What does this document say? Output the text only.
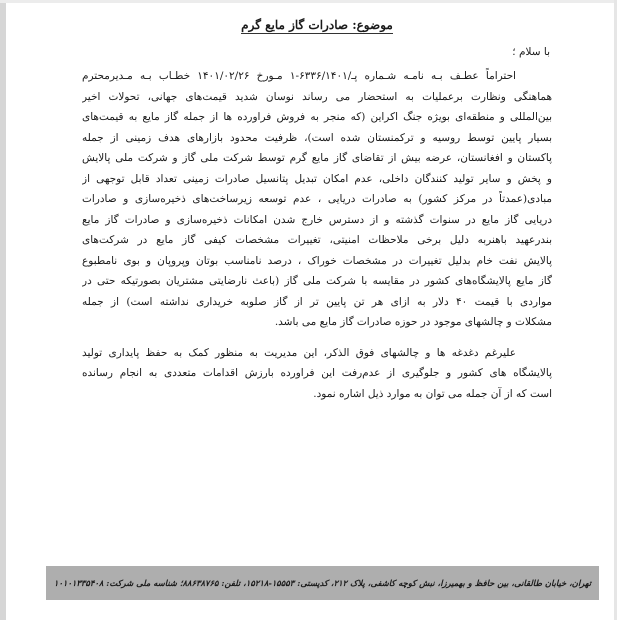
موضوع: صادرات گاز مایع گرم
با سلام ؛

احتراماً عطـف بـه نامـه شـماره پـ/۶۳۳۶/۱۴۰۱-۱ مـورخ ۱۴۰۱/۰۲/۲۶ خطـاب بـه مـدیرمحترم

هماهنگی ونظارت برعملیات به استحضار می رساند نوسان شدید قیمت‌های جهانی، تحولات اخیر

بین‌المللی و منطقه‌ای بویژه جنگ اکراین (که منجر به فروش فراورده ها از جمله گاز مایع به قیمت‌های

بسیار پایین توسط روسیه و ترکمنستان شده است)، ظرفیت محدود بازارهای هدف زمینی از جمله

پاکستان و افغانستان، عرضه بیش از تقاضای گاز مایع گرم توسط شرکت ملی گاز و شرکت ملی پالایش

و پخش و سایر تولید کنندگان داخلی، عدم امکان تبدیل پتانسیل صادرات زمینی تعداد قابل توجهی از

مبادی(عمدتاً در مرکز کشور) به صادرات دریایی ، عدم توسعه زیرساخت‌های ذخیره‌سازی و صادرات

دریایی گاز مایع در سنوات گذشته و از دسترس خارج شدن امکانات ذخیره‌سازی و صادرات گاز مایع

بندرعهید باهنربه دلیل برخی ملاحظات امنیتی، تغییرات مشخصات کیفی گاز مایع در شرکت‌های

پالایش نفت خام بدلیل تغییرات در مشخصات خوراک ، درصد نامناسب بوتان وپروپان و بوی نامطبوع

گاز مایع پالایشگاه‌های کشور در مقایسه با شرکت ملی گاز (باعث نارضایتی مشتریان بصورتیکه حتی در

مواردی با قیمت ۴۰ دلار به ازای هر تن پایین تر از گاز صلوبه خریداری نداشته است) از جمله

مشکلات و چالشهای موجود در حوزه صادرات گاز مایع می باشد.

علیرغم دغدغه ها و چالشهای فوق الذکر، این مدیریت به منظور کمک به حفظ پایداری تولید

پالایشگاه های کشور و جلوگیری از عدم‌رفت این فراورده بارزش اقدامات متعددی به انجام رسانده

است که از آن جمله می توان به موارد ذیل اشاره نمود.

تهران، خیابان طالقانی، بین حافظ و بهمیرزا، نبش کوچه کاشفی، پلاک ۲۱۲، کدپستی: ۱۵۵۵۳-۱۵۲۱۸، تلفن: ۸۸۶۳۸۷۶۵؛ شناسه ملی شرکت: ۱۰۱۰۱۳۳۵۴۰۸
